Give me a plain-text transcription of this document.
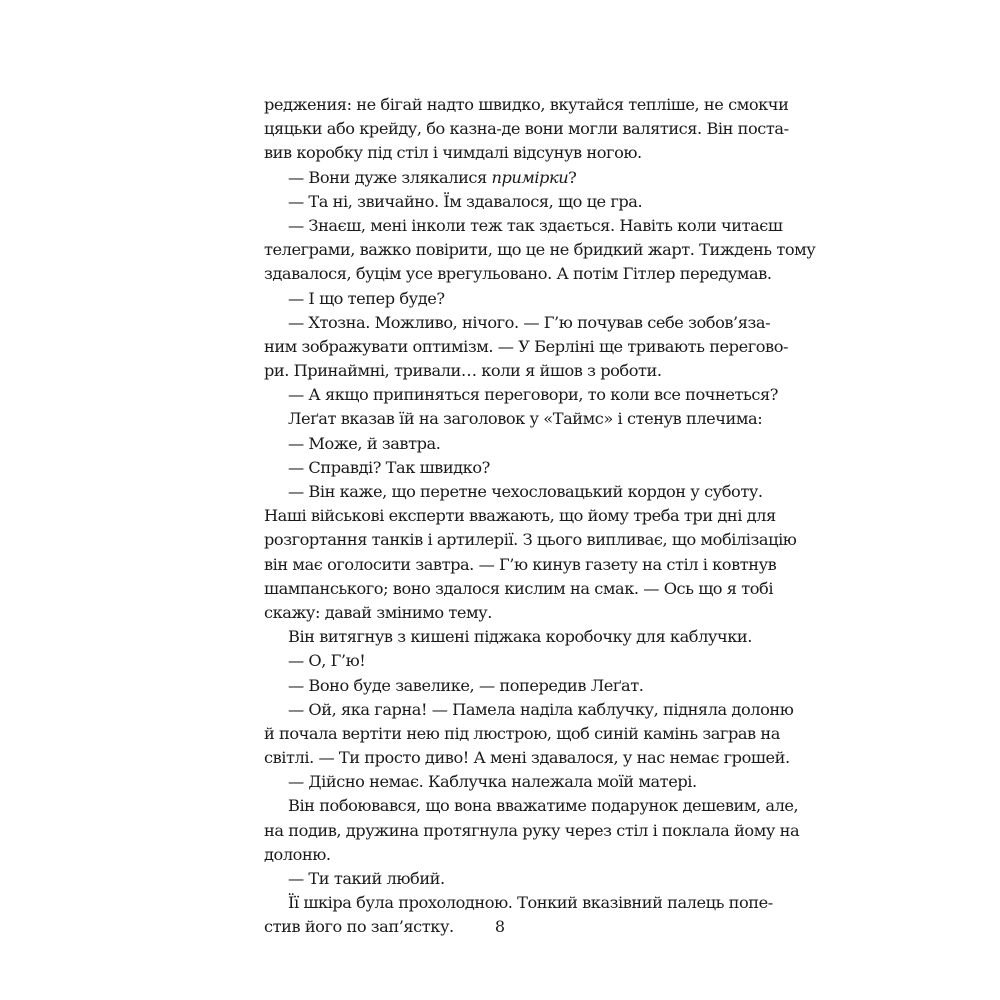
реджения: не бігай надто швидко, вкутайся тепліше, не смокчи
цяцьки або крейду, бо казна-де вони могли валятися. Він поста-
вив коробку під стіл і чимдалі відсунув ногою.
— Вони дуже злякалися примірки?
— Та ні, звичайно. Їм здавалося, що це гра.
— Знаєш, мені інколи теж так здається. Навіть коли читаєш
телеграми, важко повірити, що це не бридкий жарт. Тиждень тому
здавалося, буцім усе врегульовано. А потім Гітлер передумав.
— І що тепер буде?
— Хтозна. Можливо, нічого. — Г’ю почував себе зобов’яза-
ним зображувати оптимізм. — У Берліні ще тривають перегово-
ри. Принаймні, тривали… коли я йшов з роботи.
— А якщо припиняться переговори, то коли все почнеться?
Леґат вказав їй на заголовок у «Таймс» і стенув плечима:
— Може, й завтра.
— Справді? Так швидко?
— Він каже, що перетне чехословацький кордон у суботу.
Наші військові експерти вважають, що йому треба три дні для
розгортання танків і артилерії. З цього випливає, що мобілізацію
він має оголосити завтра. — Г’ю кинув газету на стіл і ковтнув
шампанського; воно здалося кислим на смак. — Ось що я тобі
скажу: давай змінимо тему.
Він витягнув з кишені піджака коробочку для каблучки.
— О, Г’ю!
— Воно буде завелике, — попередив Леґат.
— Ой, яка гарна! — Памела наділа каблучку, підняла долоню
й почала вертіти нею під люстрою, щоб синій камінь заграв на
світлі. — Ти просто диво! А мені здавалося, у нас немає грошей.
— Дійсно немає. Каблучка належала моїй матері.
Він побоювався, що вона вважатиме подарунок дешевим, але,
на подив, дружина протягнула руку через стіл і поклала йому на
долоню.
— Ти такий любий.
Її шкіра була прохолодною. Тонкий вказівний палець попе-
стив його по зап’ястку.	8
